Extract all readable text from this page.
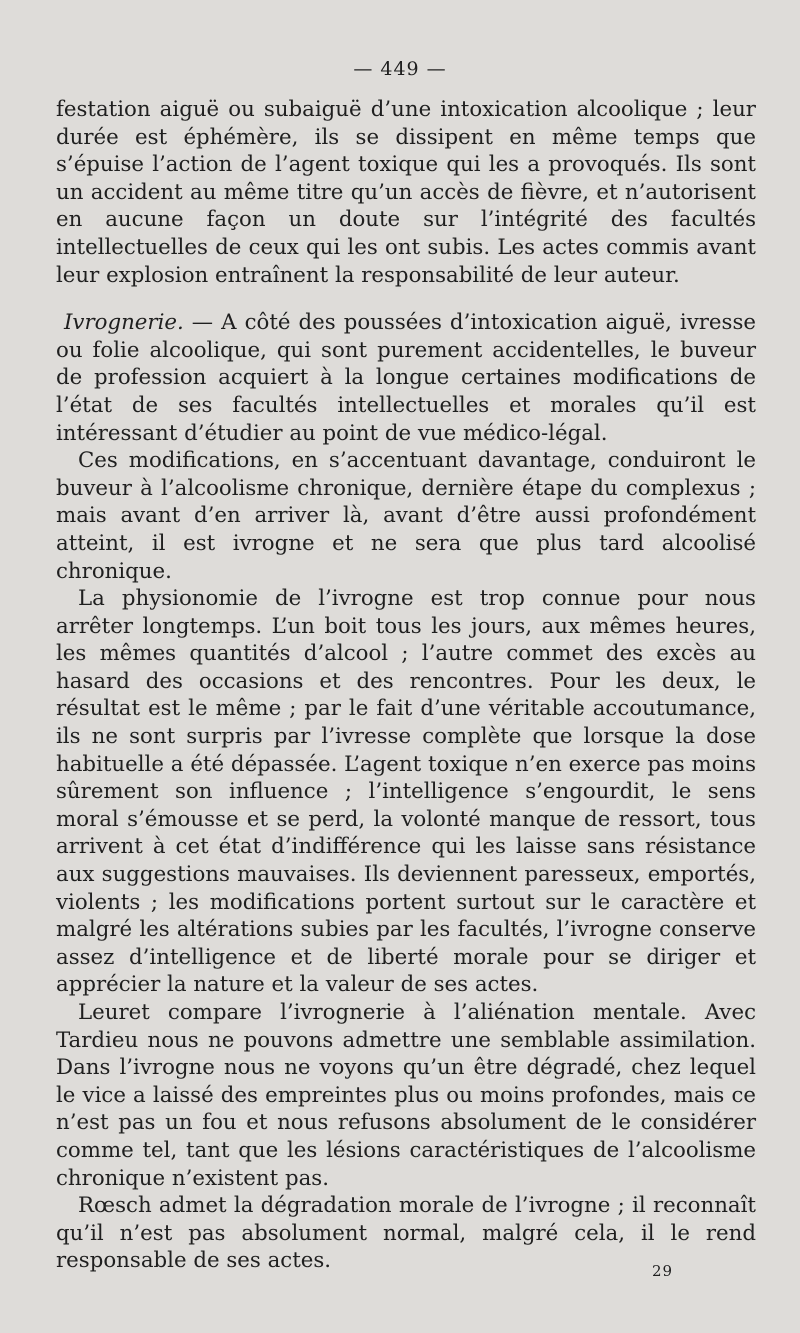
— 449 —

festation aiguë ou subaiguë d’une intoxication alcoolique ; leur durée est éphémère, ils se dissipent en même temps que s’épuise l’action de l’agent toxique qui les a provoqués. Ils sont un accident au même titre qu’un accès de fièvre, et n’autorisent en aucune façon un doute sur l’intégrité des facultés intellectuelles de ceux qui les ont subis. Les actes commis avant leur explosion entraînent la responsabilité de leur auteur.

Ivrognerie. — A côté des poussées d’intoxication aiguë, ivresse ou folie alcoolique, qui sont purement accidentelles, le buveur de profession acquiert à la longue certaines modifications de l’état de ses facultés intellectuelles et morales qu’il est intéressant d’étudier au point de vue médico-légal.

Ces modifications, en s’accentuant davantage, conduiront le buveur à l’alcoolisme chronique, dernière étape du complexus ; mais avant d’en arriver là, avant d’être aussi profondément atteint, il est ivrogne et ne sera que plus tard alcoolisé chronique.

La physionomie de l’ivrogne est trop connue pour nous arrêter longtemps. L’un boit tous les jours, aux mêmes heures, les mêmes quantités d’alcool ; l’autre commet des excès au hasard des occasions et des rencontres. Pour les deux, le résultat est le même ; par le fait d’une véritable accoutumance, ils ne sont surpris par l’ivresse complète que lorsque la dose habituelle a été dépassée. L’agent toxique n’en exerce pas moins sûrement son influence ; l’intelligence s’engourdit, le sens moral s’émousse et se perd, la volonté manque de ressort, tous arrivent à cet état d’indifférence qui les laisse sans résistance aux suggestions mauvaises. Ils deviennent paresseux, emportés, violents ; les modifications portent surtout sur le caractère et malgré les altérations subies par les facultés, l’ivrogne conserve assez d’intelligence et de liberté morale pour se diriger et apprécier la nature et la valeur de ses actes.

Leuret compare l’ivrognerie à l’aliénation mentale. Avec Tardieu nous ne pouvons admettre une semblable assimilation. Dans l’ivrogne nous ne voyons qu’un être dégradé, chez lequel le vice a laissé des empreintes plus ou moins profondes, mais ce n’est pas un fou et nous refusons absolument de le considérer comme tel, tant que les lésions caractéristiques de l’alcoolisme chronique n’existent pas.

Rœsch admet la dégradation morale de l’ivrogne ; il reconnaît qu’il n’est pas absolument normal, malgré cela, il le rend responsable de ses actes.	29
